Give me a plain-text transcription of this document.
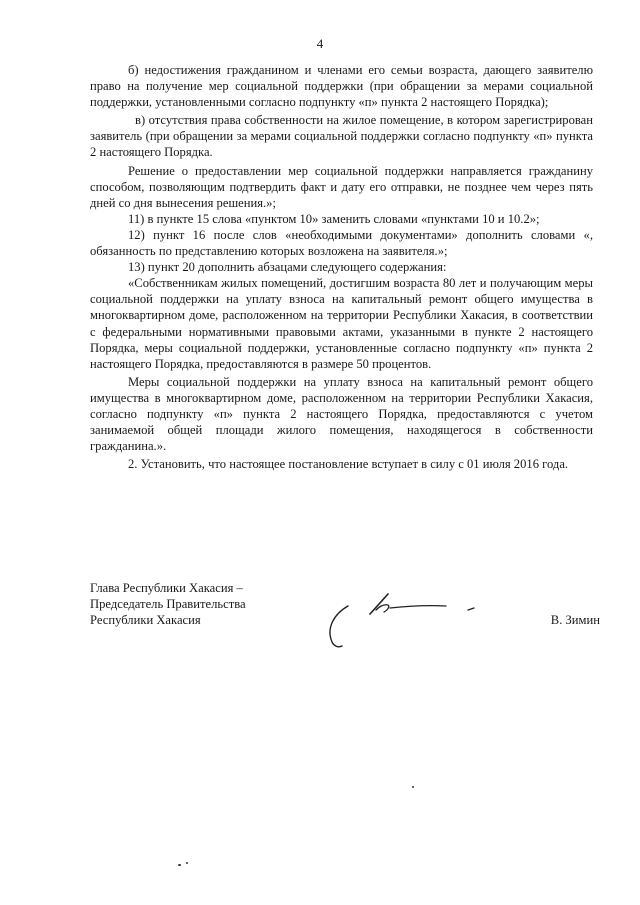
4

б) недостижения гражданином и членами его семьи возраста, дающего заявителю право на получение мер социальной поддержки (при обращении за мерами социальной поддержки, установленными согласно подпункту «п» пункта 2 настоящего Порядка);

в) отсутствия права собственности на жилое помещение, в котором зарегистрирован заявитель (при обращении за мерами социальной поддержки согласно подпункту «п» пункта 2 настоящего Порядка.

Решение о предоставлении мер социальной поддержки направляется гражданину способом, позволяющим подтвердить факт и дату его отправки, не позднее чем через пять дней со дня вынесения решения.»;

11) в пункте 15 слова «пунктом 10» заменить словами «пунктами 10 и 10.2»;

12) пункт 16 после слов «необходимыми документами» дополнить словами «, обязанность по представлению которых возложена на заявителя.»;

13) пункт 20 дополнить абзацами следующего содержания:

«Собственникам жилых помещений, достигшим возраста 80 лет и получающим меры социальной поддержки на уплату взноса на капитальный ремонт общего имущества в многоквартирном доме, расположенном на территории Республики Хакасия, в соответствии с федеральными нормативными правовыми актами, указанными в пункте 2 настоящего Порядка, меры социальной поддержки, установленные согласно подпункту «п» пункта 2 настоящего Порядка, предоставляются в размере 50 процентов.

Меры социальной поддержки на уплату взноса на капитальный ремонт общего имущества в многоквартирном доме, расположенном на территории Республики Хакасия, согласно подпункту «п» пункта 2 настоящего Порядка, предоставляются с учетом занимаемой общей площади жилого помещения, находящегося в собственности гражданина.».

2. Установить, что настоящее постановление вступает в силу с 01 июля 2016 года.

Глава Республики Хакасия –
Председатель Правительства
Республики Хакасия	В. Зимин
